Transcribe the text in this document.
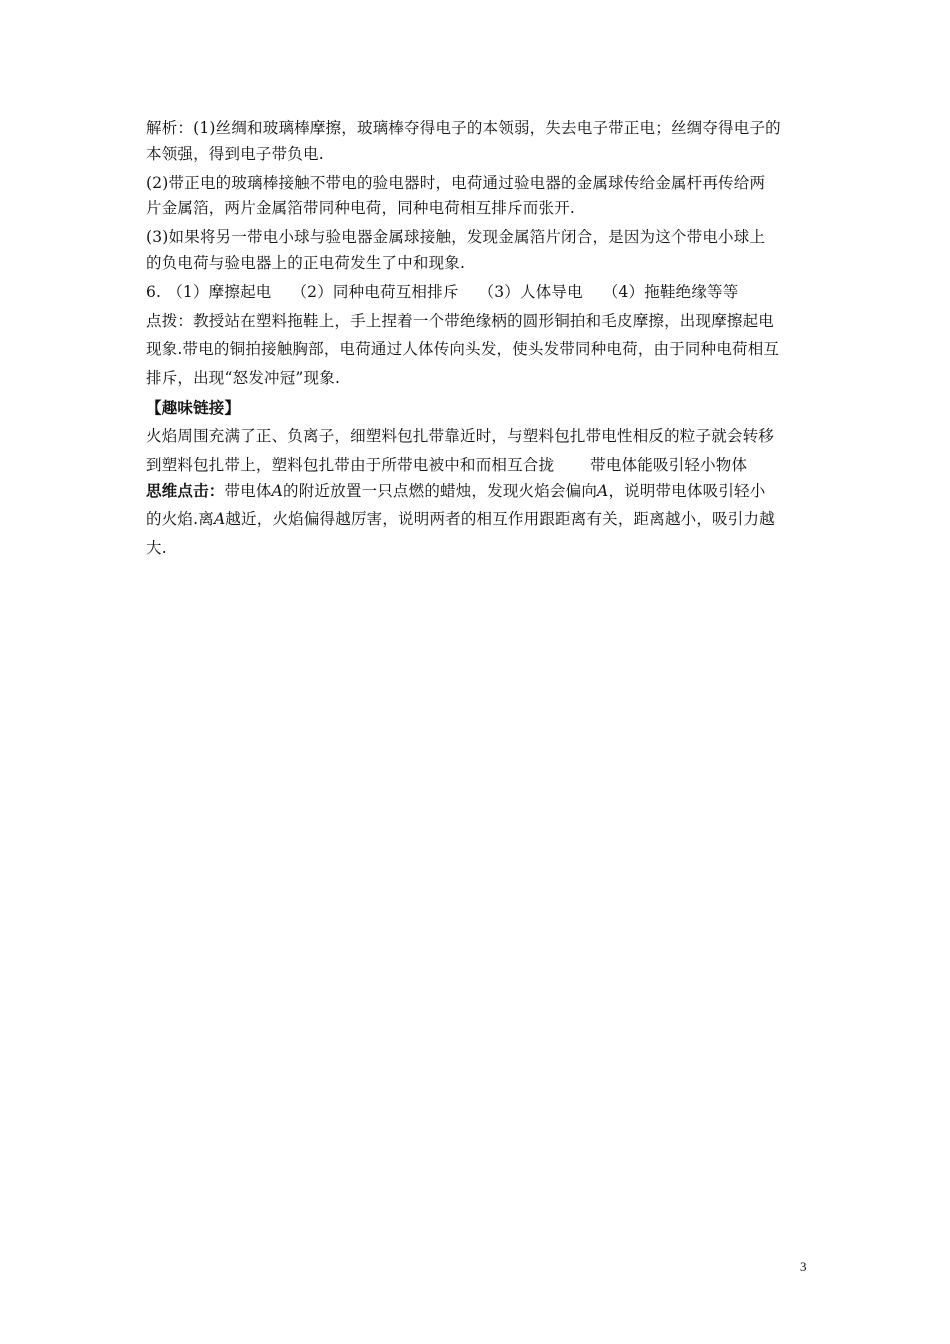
解析：(1)丝绸和玻璃棒摩擦，玻璃棒夺得电子的本领弱，失去电子带正电；丝绸夺得电子的

本领强，得到电子带负电.

(2)带正电的玻璃棒接触不带电的验电器时，电荷通过验电器的金属球传给金属杆再传给两

片金属箔，两片金属箔带同种电荷，同种电荷相互排斥而张开.

(3)如果将另一带电小球与验电器金属球接触，发现金属箔片闭合，是因为这个带电小球上

的负电荷与验电器上的正电荷发生了中和现象.

6. （1）摩擦起电 （2）同种电荷互相排斥 （3）人体导电 （4）拖鞋绝缘等等

点拨：教授站在塑料拖鞋上，手上捏着一个带绝缘柄的圆形铜拍和毛皮摩擦，出现摩擦起电

现象.带电的铜拍接触胸部，电荷通过人体传向头发，使头发带同种电荷，由于同种电荷相互

排斥，出现“怒发冲冠”现象.

【趣味链接】

火焰周围充满了正、负离子，细塑料包扎带靠近时，与塑料包扎带电性相反的粒子就会转移

到塑料包扎带上，塑料包扎带由于所带电被中和而相互合拢 带电体能吸引轻小物体

思维点击：带电体A的附近放置一只点燃的蜡烛，发现火焰会偏向A，说明带电体吸引轻小

的火焰.离A越近，火焰偏得越厉害，说明两者的相互作用跟距离有关，距离越小，吸引力越

大.

3
